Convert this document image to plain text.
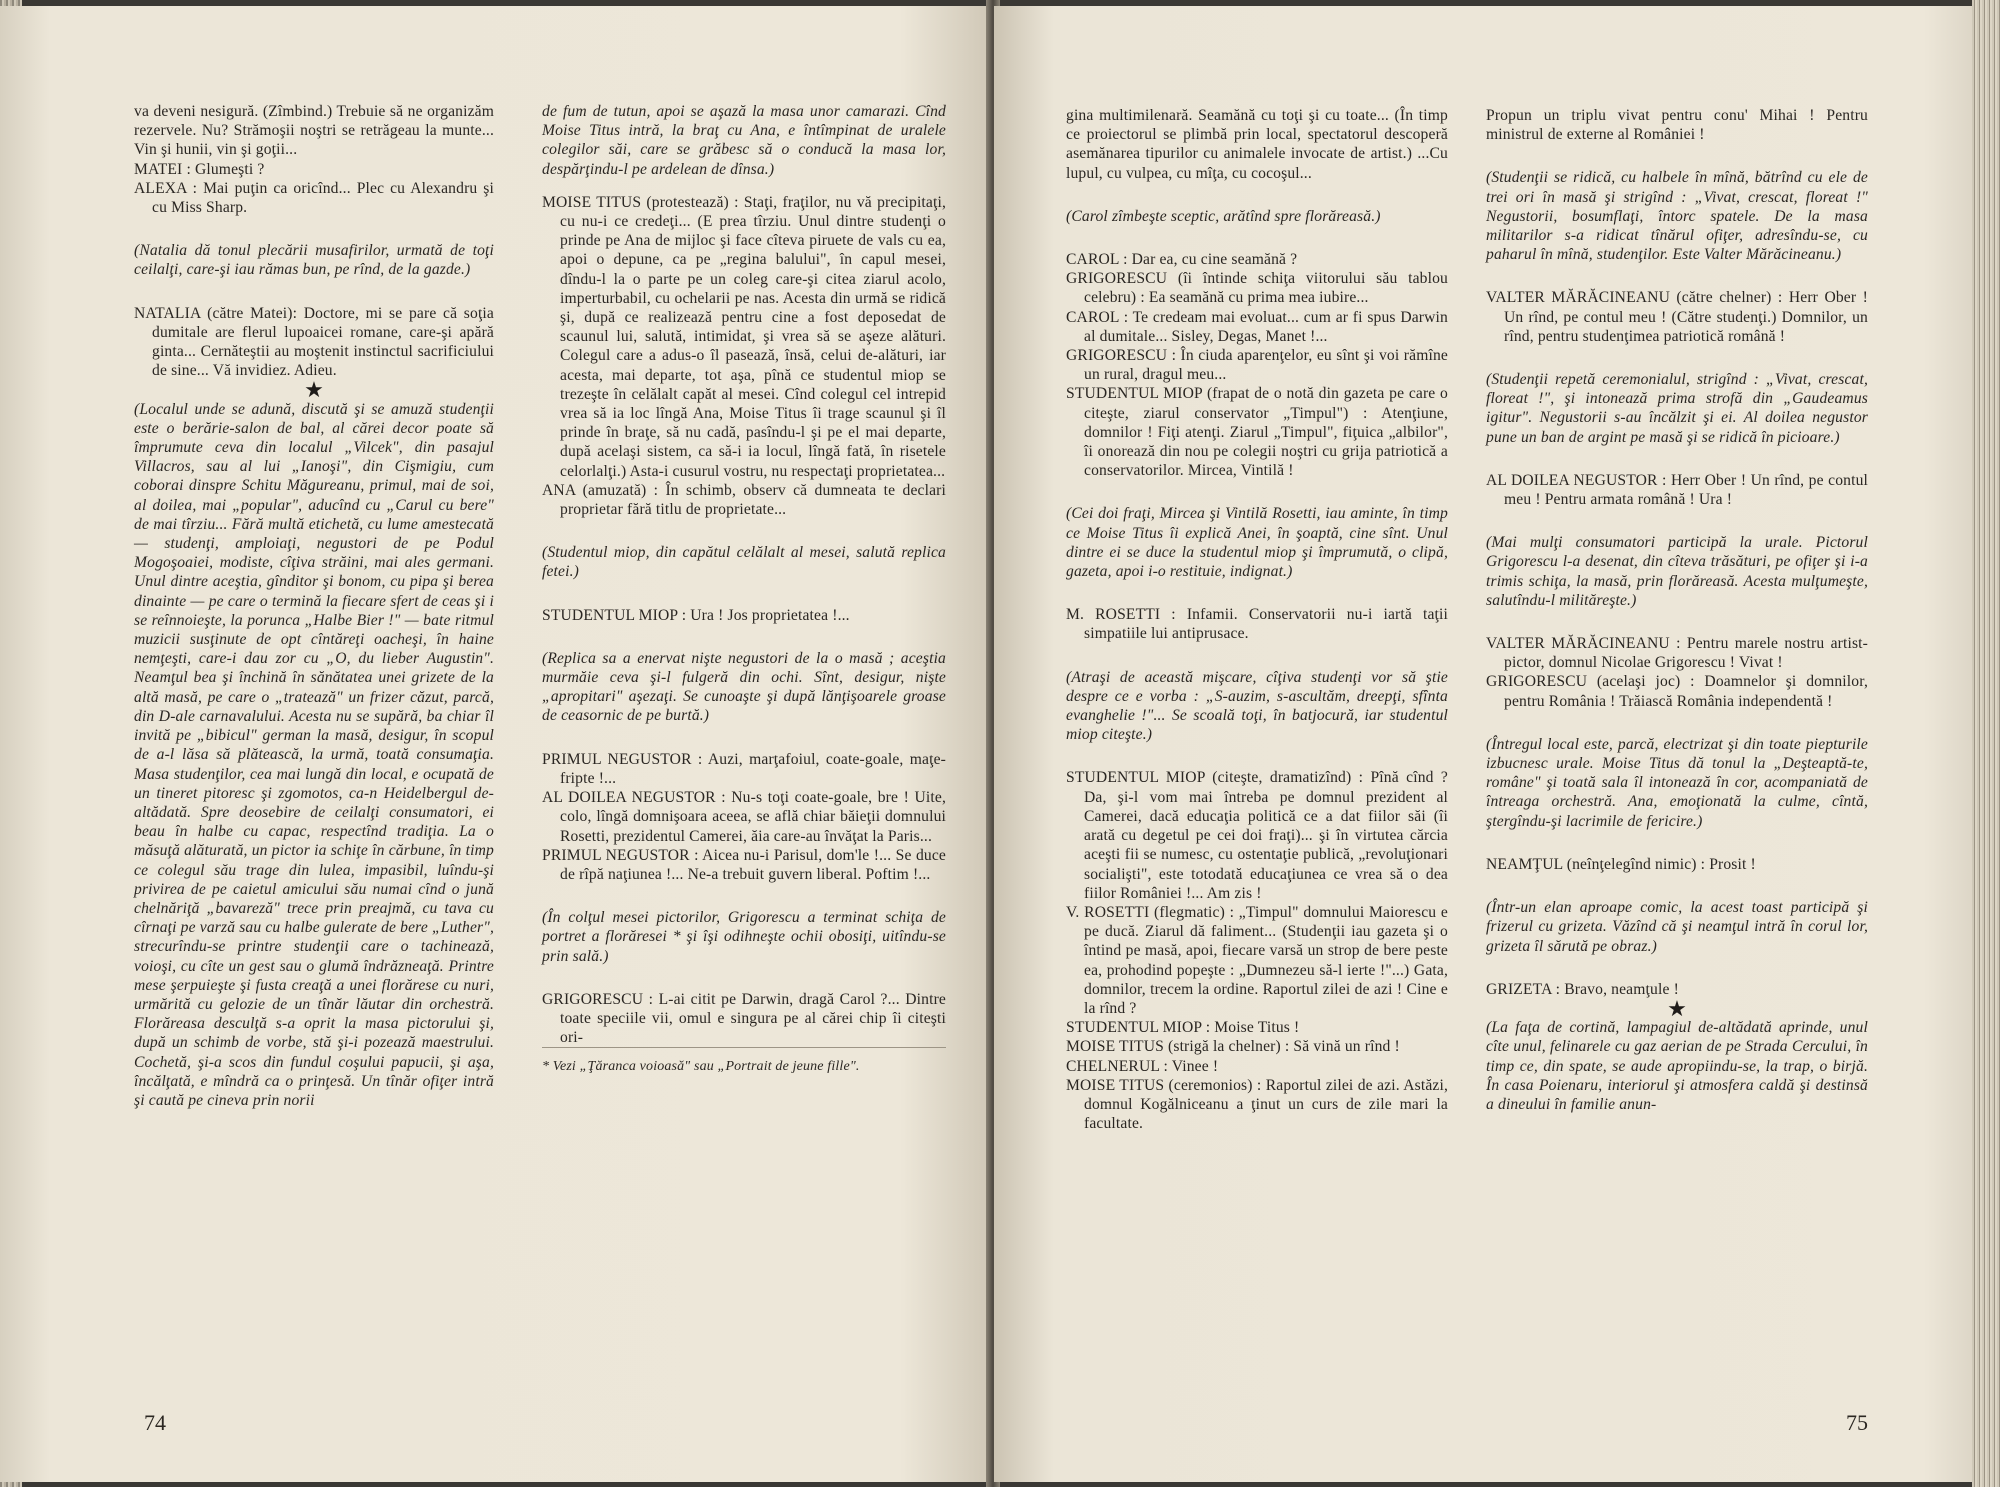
va deveni nesigură. (Zîmbind.) Trebuie să ne organizăm rezervele. Nu? Strămoşii noştri se retrăgeau la munte... Vin şi hunii, vin şi goţii...

MATEI : Glumeşti ?

ALEXA : Mai puţin ca oricînd... Plec cu Alexandru şi cu Miss Sharp.

(Natalia dă tonul plecării musafirilor, urmată de toţi ceilalţi, care-şi iau rămas bun, pe rînd, de la gazde.)

NATALIA (către Matei): Doctore, mi se pare că soţia dumitale are flerul lupoaicei romane, care-şi apără ginta... Cernăteştii au moştenit instinctul sacrificiului de sine... Vă invidiez. Adieu.

★

(Localul unde se adună, discută şi se amuză studenţii este o berărie-salon de bal, al cărei decor poate să împrumute ceva din localul „Vilcek", din pasajul Villacros, sau al lui „Ianoşi", din Cişmigiu, cum coborai dinspre Schitu Măgureanu, primul, mai de soi, al doilea, mai „popular", aducînd cu „Carul cu bere" de mai tîrziu... Fără multă etichetă, cu lume amestecată — studenţi, amploiaţi, negustori de pe Podul Mogoşoaiei, modiste, cîţiva străini, mai ales germani. Unul dintre aceştia, gînditor şi bonom, cu pipa şi berea dinainte — pe care o termină la fiecare sfert de ceas şi i se reînnoieşte, la porunca „Halbe Bier !" — bate ritmul muzicii susţinute de opt cîntăreţi oacheşi, în haine nemţeşti, care-i dau zor cu „O, du lieber Augustin". Neamţul bea şi închină în sănătatea unei grizete de la altă masă, pe care o „tratează" un frizer căzut, parcă, din D-ale carnavalului. Acesta nu se supără, ba chiar îl invită pe „bibicul" german la masă, desigur, în scopul de a-l lăsa să plătească, la urmă, toată consumaţia. Masa studenţilor, cea mai lungă din local, e ocupată de un tineret pitoresc şi zgomotos, ca-n Heidelbergul de-altădată. Spre deosebire de ceilalţi consumatori, ei beau în halbe cu capac, respectînd tradiţia. La o măsuţă alăturată, un pictor ia schiţe în cărbune, în timp ce colegul său trage din lulea, impasibil, luîndu-şi privirea de pe caietul amicului său numai cînd o jună chelnăriţă „bavareză" trece prin preajmă, cu tava cu cîrnaţi pe varză sau cu halbe gulerate de bere „Luther", strecurîndu-se printre studenţii care o tachinează, voioşi, cu cîte un gest sau o glumă îndrăzneaţă. Printre mese şerpuieşte şi fusta creaţă a unei florărese cu nuri, urmărită cu gelozie de un tînăr lăutar din orchestră. Florăreasa desculţă s-a oprit la masa pictorului şi, după un schimb de vorbe, stă şi-i pozează maestrului. Cochetă, şi-a scos din fundul coşului papucii, şi aşa, încălţată, e mîndră ca o prinţesă. Un tînăr ofiţer intră şi caută pe cineva prin norii

de fum de tutun, apoi se aşază la masa unor camarazi. Cînd Moise Titus intră, la braţ cu Ana, e întîmpinat de uralele colegilor săi, care se grăbesc să o conducă la masa lor, despărţindu-l pe ardelean de dînsa.)

MOISE TITUS (protestează) : Staţi, fraţilor, nu vă precipitaţi, cu nu-i ce credeţi... (E prea tîrziu. Unul dintre studenţi o prinde pe Ana de mijloc şi face cîteva piruete de vals cu ea, apoi o depune, ca pe „regina balului", în capul mesei, dîndu-l la o parte pe un coleg care-şi citea ziarul acolo, imperturbabil, cu ochelarii pe nas. Acesta din urmă se ridică şi, după ce realizează pentru cine a fost deposedat de scaunul lui, salută, intimidat, şi vrea să se aşeze alături. Colegul care a adus-o îl pasează, însă, celui de-alături, iar acesta, mai departe, tot aşa, pînă ce studentul miop se trezeşte în celălalt capăt al mesei. Cînd colegul cel intrepid vrea să ia loc lîngă Ana, Moise Titus îi trage scaunul şi îl prinde în braţe, să nu cadă, pasîndu-l şi pe el mai departe, după acelaşi sistem, ca să-i ia locul, lîngă fată, în risetele celorlalţi.) Asta-i cusurul vostru, nu respectaţi proprietatea...

ANA (amuzată) : În schimb, observ că dumneata te declari proprietar fără titlu de proprietate...

(Studentul miop, din capătul celălalt al mesei, salută replica fetei.)

STUDENTUL MIOP : Ura ! Jos proprietatea !...

(Replica sa a enervat nişte negustori de la o masă ; aceştia murmăie ceva şi-l fulgeră din ochi. Sînt, desigur, nişte „apropitari" aşezaţi. Se cunoaşte şi după lănţişoarele groase de ceasornic de pe burtă.)

PRIMUL NEGUSTOR : Auzi, marţafoiul, coate-goale, maţe-fripte !...

AL DOILEA NEGUSTOR : Nu-s toţi coate-goale, bre ! Uite, colo, lîngă domnişoara aceea, se află chiar băieţii domnului Rosetti, prezidentul Camerei, ăia care-au învăţat la Paris...

PRIMUL NEGUSTOR : Aicea nu-i Parisul, dom'le !... Se duce de rîpă naţiunea !... Ne-a trebuit guvern liberal. Poftim !...

(În colţul mesei pictorilor, Grigorescu a terminat schiţa de portret a florăresei * şi îşi odihneşte ochii obosiţi, uitîndu-se prin sală.)

GRIGORESCU : L-ai citit pe Darwin, dragă Carol ?... Dintre toate speciile vii, omul e singura pe al cărei chip îi citeşti ori-

* Vezi „Ţăranca voioasă" sau „Portrait de jeune fille".

74

gina multimilenară. Seamănă cu toţi şi cu toate... (În timp ce proiectorul se plimbă prin local, spectatorul descoperă asemănarea tipurilor cu animalele invocate de artist.) ...Cu lupul, cu vulpea, cu mîţa, cu cocoşul...

(Carol zîmbeşte sceptic, arătînd spre florăreasă.)

CAROL : Dar ea, cu cine seamănă ?

GRIGORESCU (îi întinde schiţa viitorului său tablou celebru) : Ea seamănă cu prima mea iubire...

CAROL : Te credeam mai evoluat... cum ar fi spus Darwin al dumitale... Sisley, Degas, Manet !...

GRIGORESCU : În ciuda aparenţelor, eu sînt şi voi rămîne un rural, dragul meu...

STUDENTUL MIOP (frapat de o notă din gazeta pe care o citeşte, ziarul conservator „Timpul") : Atenţiune, domnilor ! Fiţi atenţi. Ziarul „Timpul", fiţuica „albilor", îi onorează din nou pe colegii noştri cu grija patriotică a conservatorilor. Mircea, Vintilă !

(Cei doi fraţi, Mircea şi Vintilă Rosetti, iau aminte, în timp ce Moise Titus îi explică Anei, în şoaptă, cine sînt. Unul dintre ei se duce la studentul miop şi împrumută, o clipă, gazeta, apoi i-o restituie, indignat.)

M. ROSETTI : Infamii. Conservatorii nu-i iartă taţii simpatiile lui antiprusace.

(Atraşi de această mişcare, cîţiva studenţi vor să ştie despre ce e vorba : „S-auzim, s-ascultăm, dreepţi, sfînta evanghelie !"... Se scoală toţi, în batjocură, iar studentul miop citeşte.)

STUDENTUL MIOP (citeşte, dramatizînd) : Pînă cînd ? Da, şi-l vom mai întreba pe domnul prezident al Camerei, dacă educaţia politică ce a dat fiilor săi (îi arată cu degetul pe cei doi fraţi)... şi în virtutea cărcia aceşti fii se numesc, cu ostentaţie publică, „revoluţionari socialişti", este totodată educaţiunea ce vrea să o dea fiilor României !... Am zis !

V. ROSETTI (flegmatic) : „Timpul" domnului Maiorescu e pe ducă. Ziarul dă faliment... (Studenţii iau gazeta şi o întind pe masă, apoi, fiecare varsă un strop de bere peste ea, prohodind popeşte : „Dumnezeu să-l ierte !"...) Gata, domnilor, trecem la ordine. Raportul zilei de azi ! Cine e la rînd ?

STUDENTUL MIOP : Moise Titus !

MOISE TITUS (strigă la chelner) : Să vină un rînd !

CHELNERUL : Vinee !

MOISE TITUS (ceremonios) : Raportul zilei de azi. Astăzi, domnul Kogălniceanu a ţinut un curs de zile mari la facultate.

Propun un triplu vivat pentru conu' Mihai ! Pentru ministrul de externe al României !

(Studenţii se ridică, cu halbele în mînă, bătrînd cu ele de trei ori în masă şi strigînd : „Vivat, crescat, floreat !" Negustorii, bosumflaţi, întorc spatele. De la masa militarilor s-a ridicat tînărul ofiţer, adresîndu-se, cu paharul în mînă, studenţilor. Este Valter Mărăcineanu.)

VALTER MĂRĂCINEANU (către chelner) : Herr Ober ! Un rînd, pe contul meu ! (Către studenţi.) Domnilor, un rînd, pentru studenţimea patriotică română !

(Studenţii repetă ceremonialul, strigînd : „Vivat, crescat, floreat !", şi intonează prima strofă din „Gaudeamus igitur". Negustorii s-au încălzit şi ei. Al doilea negustor pune un ban de argint pe masă şi se ridică în picioare.)

AL DOILEA NEGUSTOR : Herr Ober ! Un rînd, pe contul meu ! Pentru armata română ! Ura !

(Mai mulţi consumatori participă la urale. Pictorul Grigorescu l-a desenat, din cîteva trăsături, pe ofiţer şi i-a trimis schiţa, la masă, prin florăreasă. Acesta mulţumeşte, salutîndu-l milităreşte.)

VALTER MĂRĂCINEANU : Pentru marele nostru artist-pictor, domnul Nicolae Grigorescu ! Vivat !

GRIGORESCU (acelaşi joc) : Doamnelor şi domnilor, pentru România ! Trăiască România independentă !

(Întregul local este, parcă, electrizat şi din toate piepturile izbucnesc urale. Moise Titus dă tonul la „Deşteaptă-te, române" şi toată sala îl intonează în cor, acompaniată de întreaga orchestră. Ana, emoţionată la culme, cîntă, ştergîndu-şi lacrimile de fericire.)

NEAMŢUL (neînţelegînd nimic) : Prosit !

(Într-un elan aproape comic, la acest toast participă şi frizerul cu grizeta. Văzînd că şi neamţul intră în corul lor, grizeta îl sărută pe obraz.)

GRIZETA : Bravo, neamţule !

★

(La faţa de cortină, lampagiul de-altădată aprinde, unul cîte unul, felinarele cu gaz aerian de pe Strada Cercului, în timp ce, din spate, se aude apropiindu-se, la trap, o birjă. În casa Poienaru, interiorul şi atmosfera caldă şi destinsă a dineului în familie anun-

75
